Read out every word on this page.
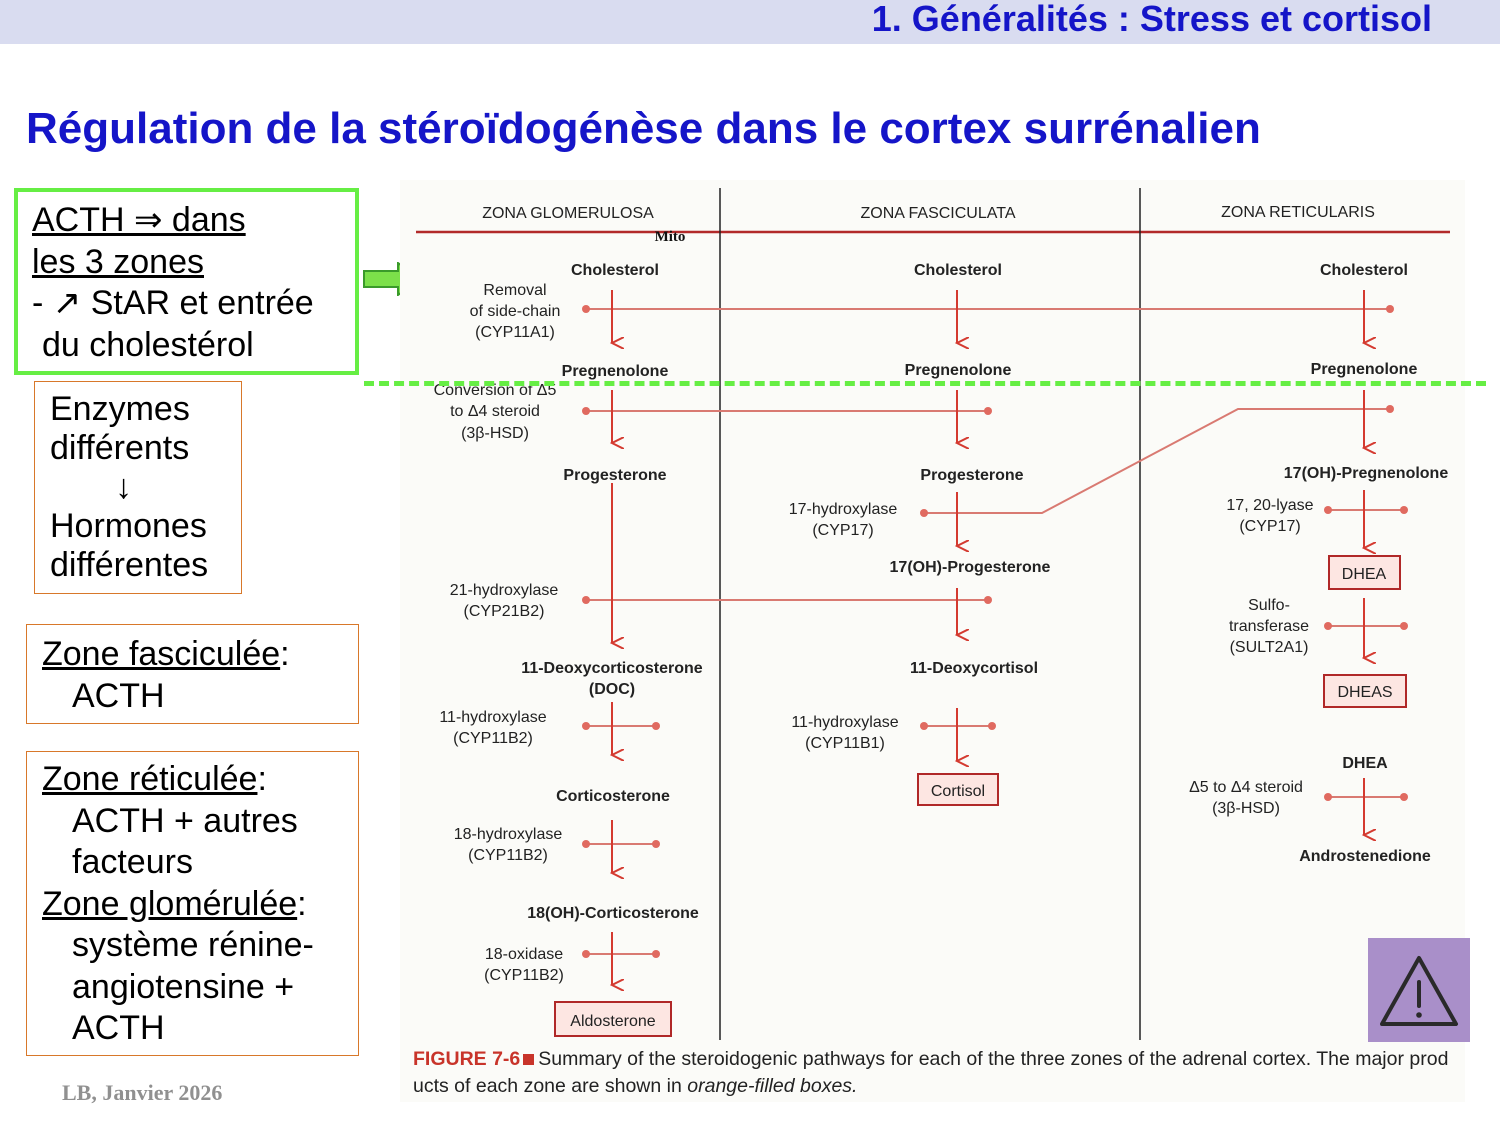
1. Généralités : Stress et cortisol
Régulation de la stéroïdogénèse dans le cortex surrénalien
ACTH ⇒ dans
les 3 zones
- ↗ StAR et entrée
du cholestérol
Enzymes
différents
↓
Hormones
différentes
Zone fasciculée:
ACTH
Zone réticulée:
ACTH + autres
facteurs
Zone glomérulée:
système rénine-
angiotensine +
ACTH
ZONA GLOMERULOSA	ZONA FASCICULATA	ZONA RETICULARIS
Mito
Cholesterol
Removal
of side-chain
(CYP11A1)
Pregnenolone
Conversion of Δ5
to Δ4 steroid
(3β-HSD)
Progesterone
21-hydroxylase
(CYP21B2)
11-Deoxycorticosterone
(DOC)
11-hydroxylase
(CYP11B2)
Corticosterone
18-hydroxylase
(CYP11B2)
18(OH)-Corticosterone
18-oxidase
(CYP11B2)
Aldosterone
Cholesterol
Pregnenolone
Progesterone
17-hydroxylase
(CYP17)
17(OH)-Progesterone
11-Deoxycortisol
11-hydroxylase
(CYP11B1)
Cortisol
Cholesterol
Pregnenolone
17(OH)-Pregnenolone
17, 20-lyase
(CYP17)
DHEA
Sulfo-
transferase
(SULT2A1)
DHEAS
DHEA
Δ5 to Δ4 steroid
(3β-HSD)
Androstenedione
FIGURE 7-6 Summary of the steroidogenic pathways for each of the three zones of the adrenal cortex. The major prod ucts of each zone are shown in orange-filled boxes.
LB, Janvier 2026
